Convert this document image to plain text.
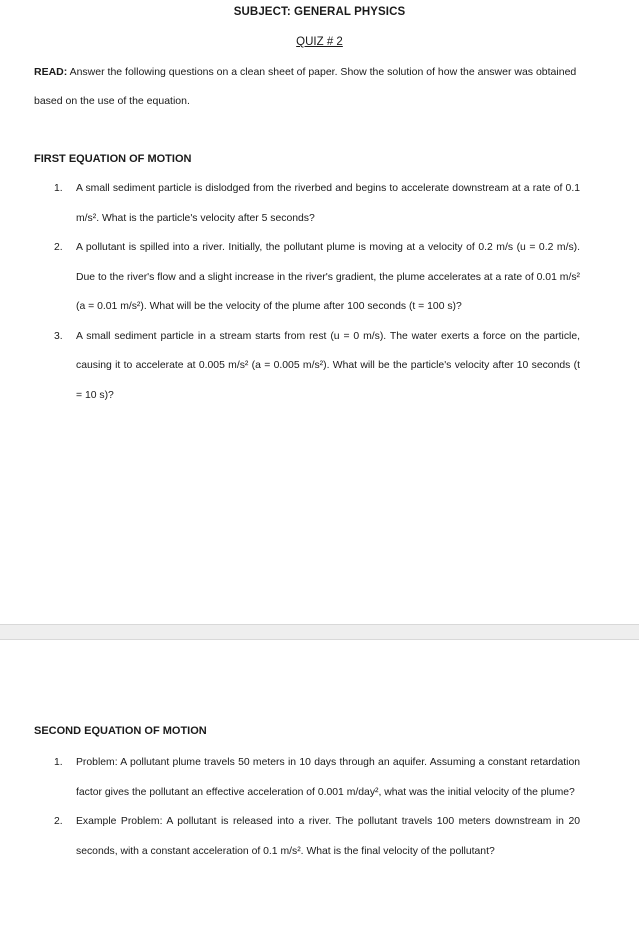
SUBJECT: GENERAL PHYSICS
QUIZ # 2
READ: Answer the following questions on a clean sheet of paper. Show the solution of how the answer was obtained based on the use of the equation.
FIRST EQUATION OF MOTION
1. A small sediment particle is dislodged from the riverbed and begins to accelerate downstream at a rate of 0.1 m/s². What is the particle's velocity after 5 seconds?
2. A pollutant is spilled into a river. Initially, the pollutant plume is moving at a velocity of 0.2 m/s (u = 0.2 m/s). Due to the river's flow and a slight increase in the river's gradient, the plume accelerates at a rate of 0.01 m/s² (a = 0.01 m/s²). What will be the velocity of the plume after 100 seconds (t = 100 s)?
3. A small sediment particle in a stream starts from rest (u = 0 m/s). The water exerts a force on the particle, causing it to accelerate at 0.005 m/s² (a = 0.005 m/s²). What will be the particle's velocity after 10 seconds (t = 10 s)?
SECOND EQUATION OF MOTION
1. Problem: A pollutant plume travels 50 meters in 10 days through an aquifer. Assuming a constant retardation factor gives the pollutant an effective acceleration of 0.001 m/day², what was the initial velocity of the plume?
2. Example Problem: A pollutant is released into a river. The pollutant travels 100 meters downstream in 20 seconds, with a constant acceleration of 0.1 m/s². What is the final velocity of the pollutant?
